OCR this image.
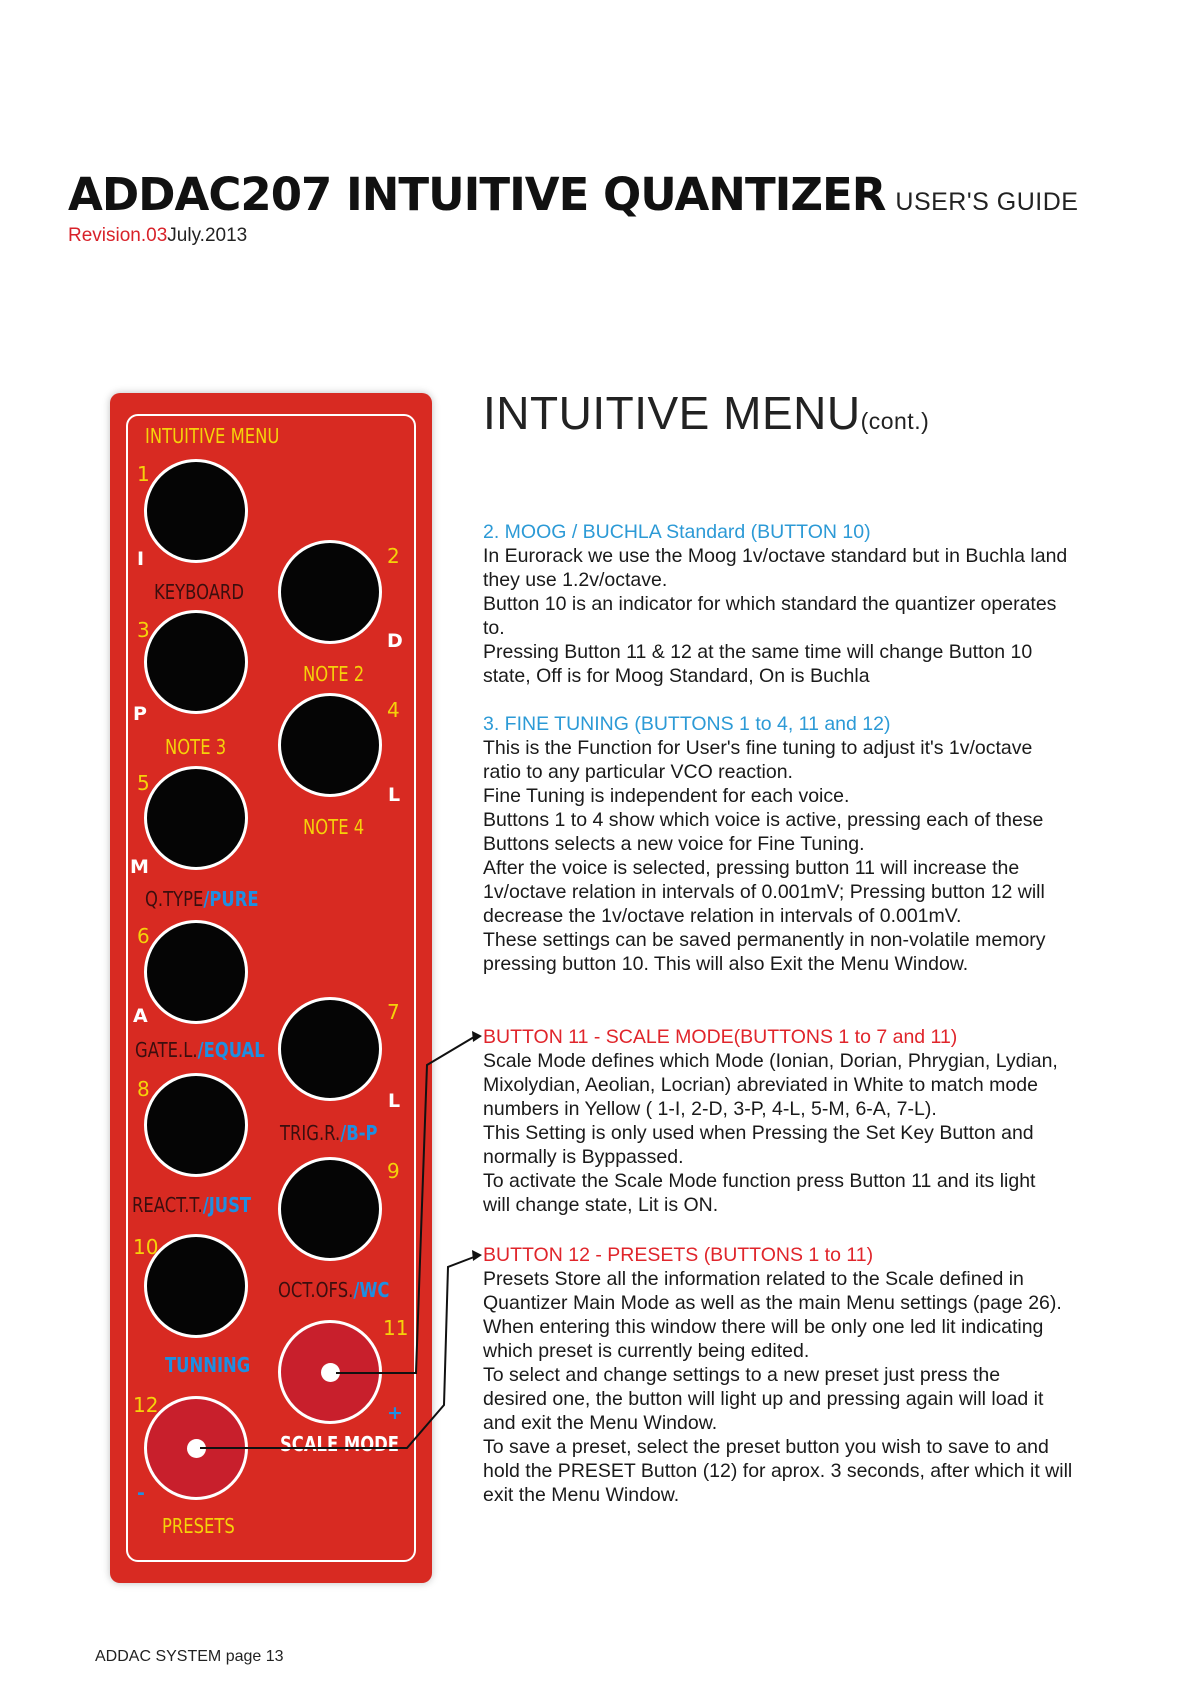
ADDAC207 INTUITIVE QUANTIZER USER'S GUIDE
Revision.03July.2013
INTUITIVE MENU
1
I
KEYBOARD
2
D
NOTE 2
3
P
NOTE 3
4
L
NOTE 4
5
M
Q.TYPE/PURE
6
A
GATE.L./EQUAL
7
L
TRIG.R./B-P
8
REACT.T./JUST
9
OCT.OFS./WC
10
TUNNING
11
+
SCALE MODE
12
-
PRESETS
INTUITIVE MENU(cont.)

2. MOOG / BUCHLA Standard (BUTTON 10)

In Eurorack we use the Moog 1v/octave standard but in Buchla land

they use 1.2v/octave.

Button 10 is an indicator for which standard the quantizer operates

to.

Pressing Button 11 & 12 at the same time will change Button 10

state, Off is for Moog Standard, On is Buchla

3. FINE TUNING (BUTTONS 1 to 4, 11 and 12)

This is the Function for User's fine tuning to adjust it's 1v/octave

ratio to any particular VCO reaction.

Fine Tuning is independent for each voice.

Buttons 1 to 4 show which voice is active, pressing each of these

Buttons selects a new voice for Fine Tuning.

After the voice is selected, pressing button 11 will increase the

1v/octave relation in intervals of 0.001mV; Pressing button 12 will

decrease the 1v/octave relation in intervals of 0.001mV.

These settings can be saved permanently in non-volatile memory

pressing button 10. This will also Exit the Menu Window.

BUTTON 11 - SCALE MODE(BUTTONS 1 to 7 and 11)

Scale Mode defines which Mode (Ionian, Dorian, Phrygian, Lydian,

Mixolydian, Aeolian, Locrian) abreviated in White to match mode

numbers in Yellow ( 1-I, 2-D, 3-P, 4-L, 5-M, 6-A, 7-L).

This Setting is only used when Pressing the Set Key Button and

normally is Byppassed.

To activate the Scale Mode function press Button 11 and its light

will change state, Lit is ON.

BUTTON 12 - PRESETS (BUTTONS 1 to 11)

Presets Store all the information related to the Scale defined in

Quantizer Main Mode as well as the main Menu settings (page 26).

When entering this window there will be only one led lit indicating

which preset is currently being edited.

To select and change settings to a new preset just press the

desired one, the button will light up and pressing again will load it

and exit the Menu Window.

To save a preset, select the preset button you wish to save to and

hold the PRESET Button (12) for aprox. 3 seconds, after which it will

exit the Menu Window.

ADDAC SYSTEM page 13
